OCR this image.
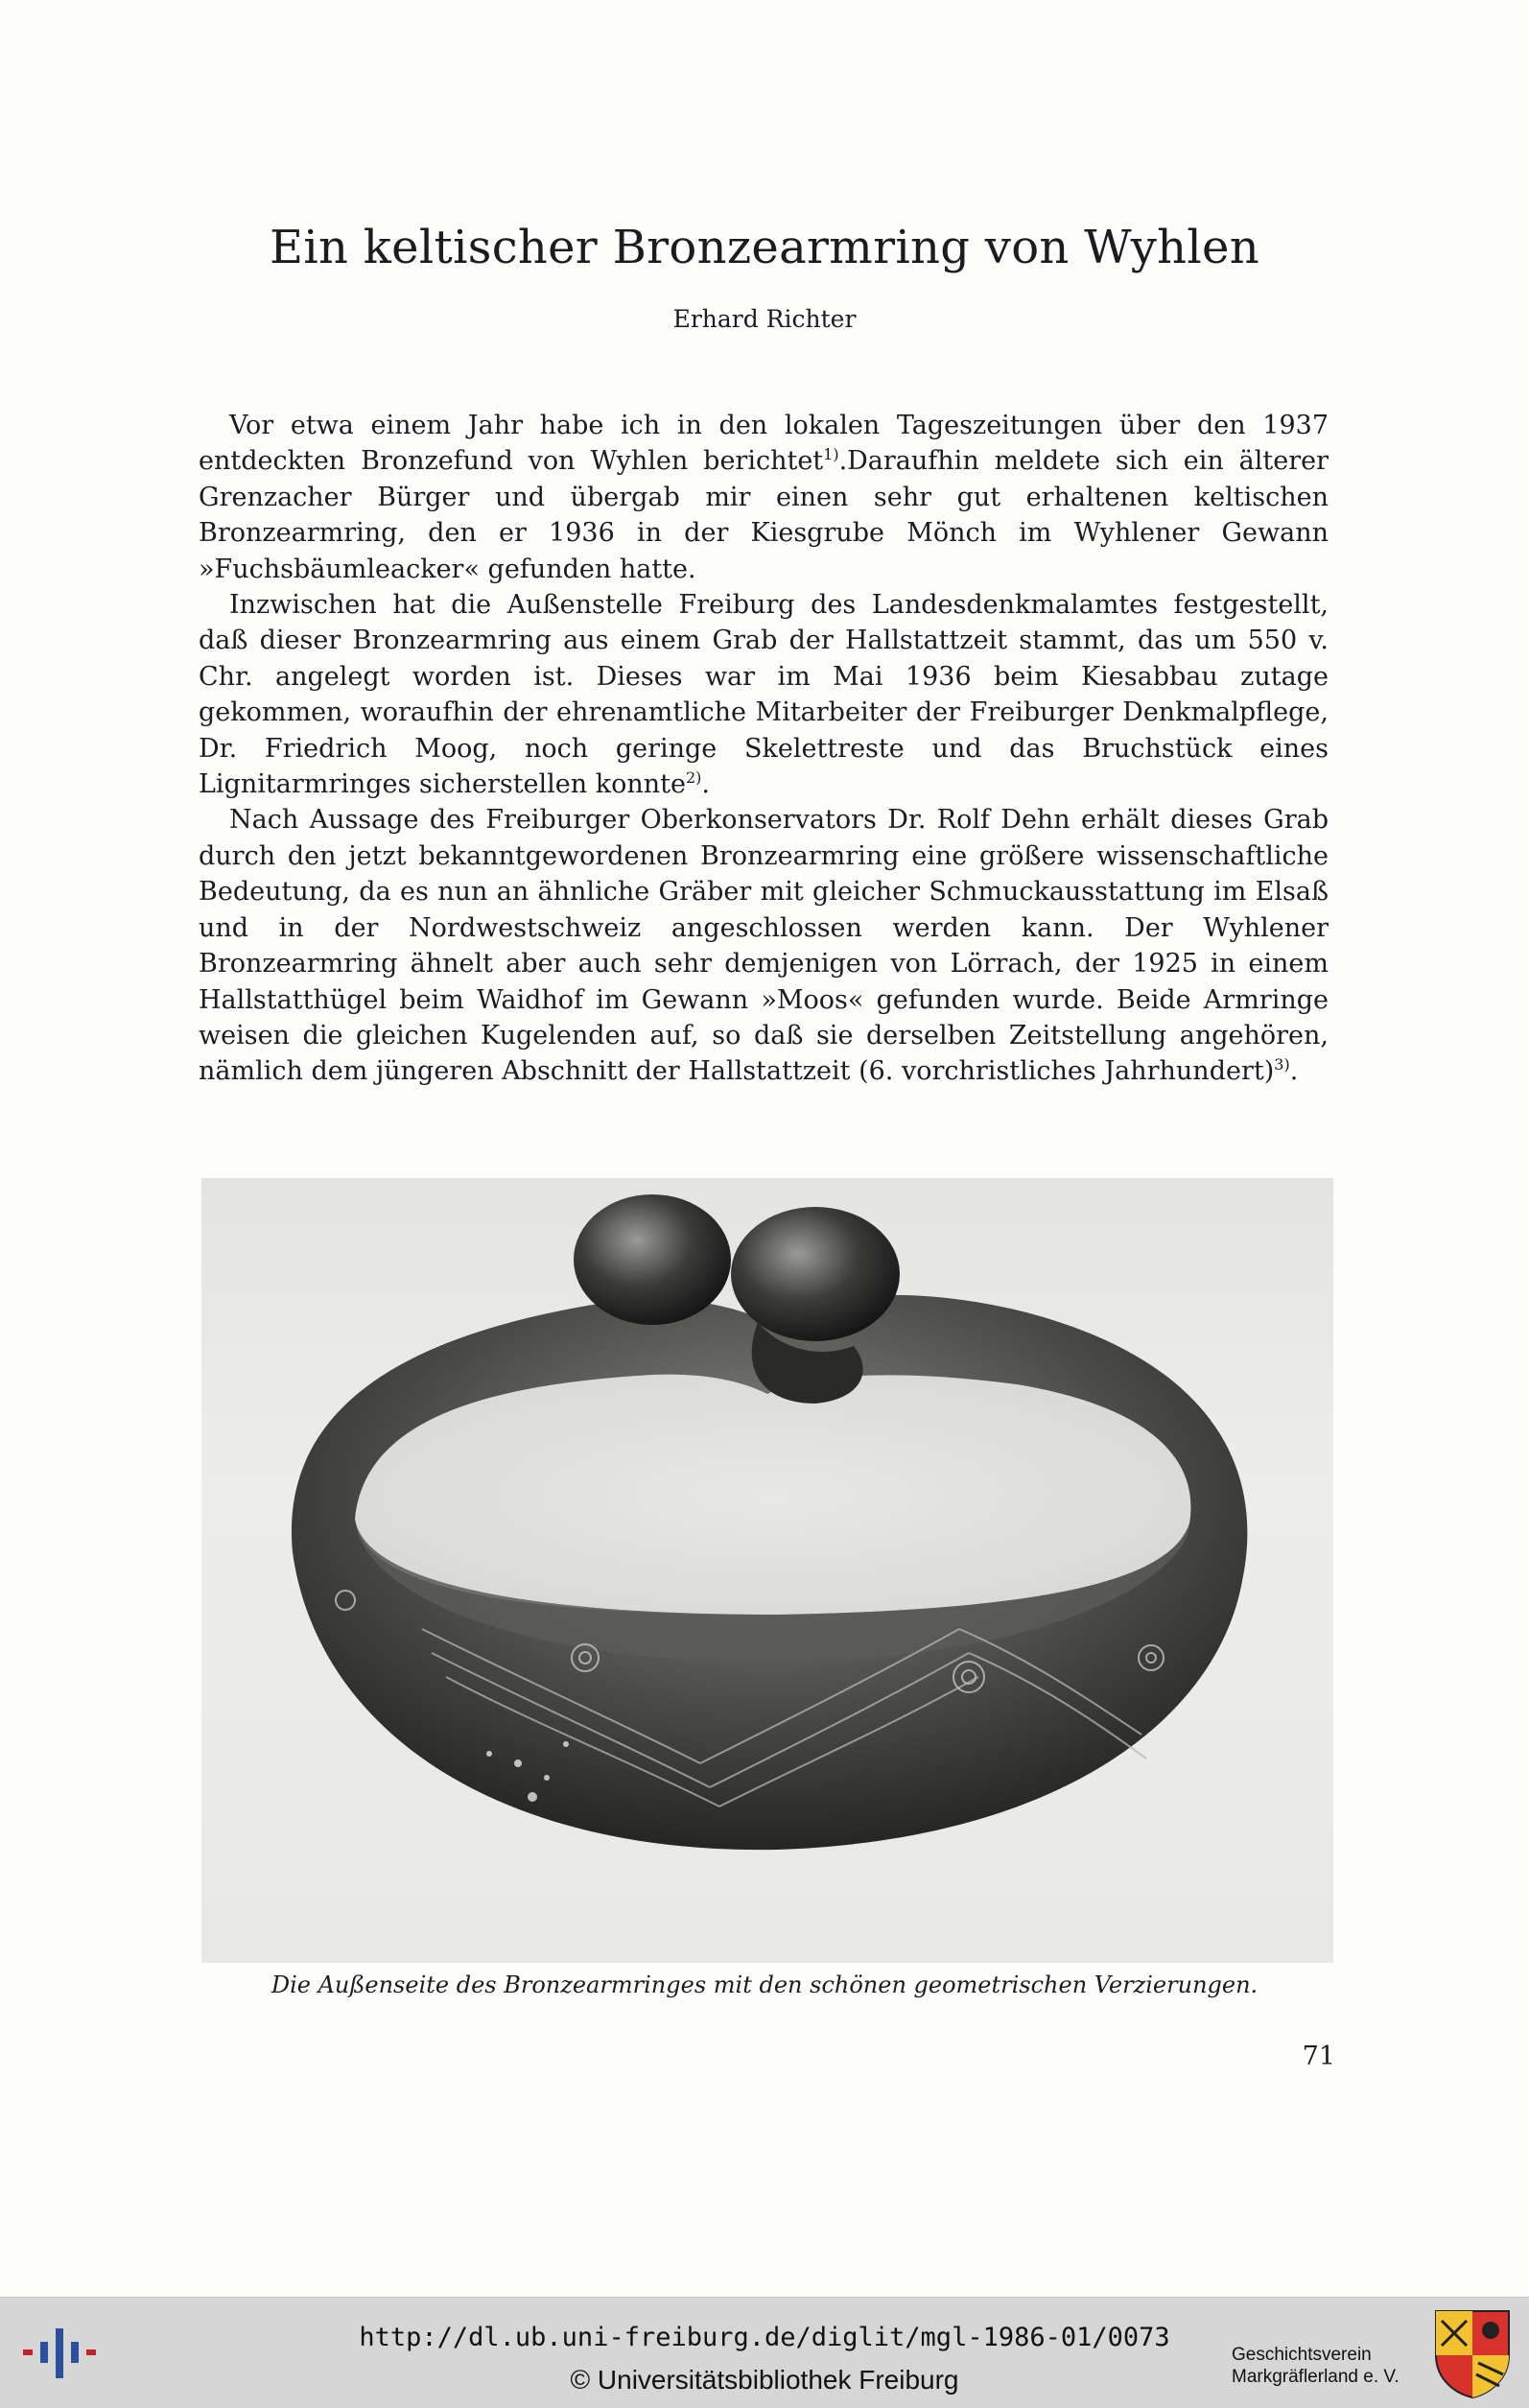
Ein keltischer Bronzearmring von Wyhlen
Erhard Richter

Vor etwa einem Jahr habe ich in den lokalen Tageszeitungen über den 1937 entdeckten Bronzefund von Wyhlen berichtet$^{1)}$.Daraufhin meldete sich ein älterer Grenzacher Bürger und übergab mir einen sehr gut erhaltenen keltischen Bronzearmring, den er 1936 in der Kiesgrube Mönch im Wyhlener Gewann »Fuchsbäumleacker« gefunden hatte.

Inzwischen hat die Außenstelle Freiburg des Landesdenkmalamtes festgestellt, daß dieser Bronzearmring aus einem Grab der Hallstattzeit stammt, das um 550 v. Chr. angelegt worden ist. Dieses war im Mai 1936 beim Kiesabbau zutage gekommen, woraufhin der ehrenamtliche Mitarbeiter der Freiburger Denkmalpflege, Dr. Friedrich Moog, noch geringe Skelettreste und das Bruchstück eines Lignitarmringes sicherstellen konnte$^{2)}$.

Nach Aussage des Freiburger Oberkonservators Dr. Rolf Dehn erhält dieses Grab durch den jetzt bekanntgewordenen Bronzearmring eine größere wissenschaftliche Bedeutung, da es nun an ähnliche Gräber mit gleicher Schmuckausstattung im Elsaß und in der Nordwestschweiz angeschlossen werden kann. Der Wyhlener Bronzearmring ähnelt aber auch sehr demjenigen von Lörrach, der 1925 in einem Hallstatthügel beim Waidhof im Gewann »Moos« gefunden wurde. Beide Armringe weisen die gleichen Kugelenden auf, so daß sie derselben Zeitstellung angehören, nämlich dem jüngeren Abschnitt der Hallstattzeit (6. vorchristliches Jahrhundert)$^{3)}$.

Die Außenseite des Bronzearmringes mit den schönen geometrischen Verzierungen.
71
http://dl.ub.uni-freiburg.de/diglit/mgl-1986-01/0073
© Universitätsbibliothek Freiburg
Geschichtsverein
Markgräflerland e. V.
